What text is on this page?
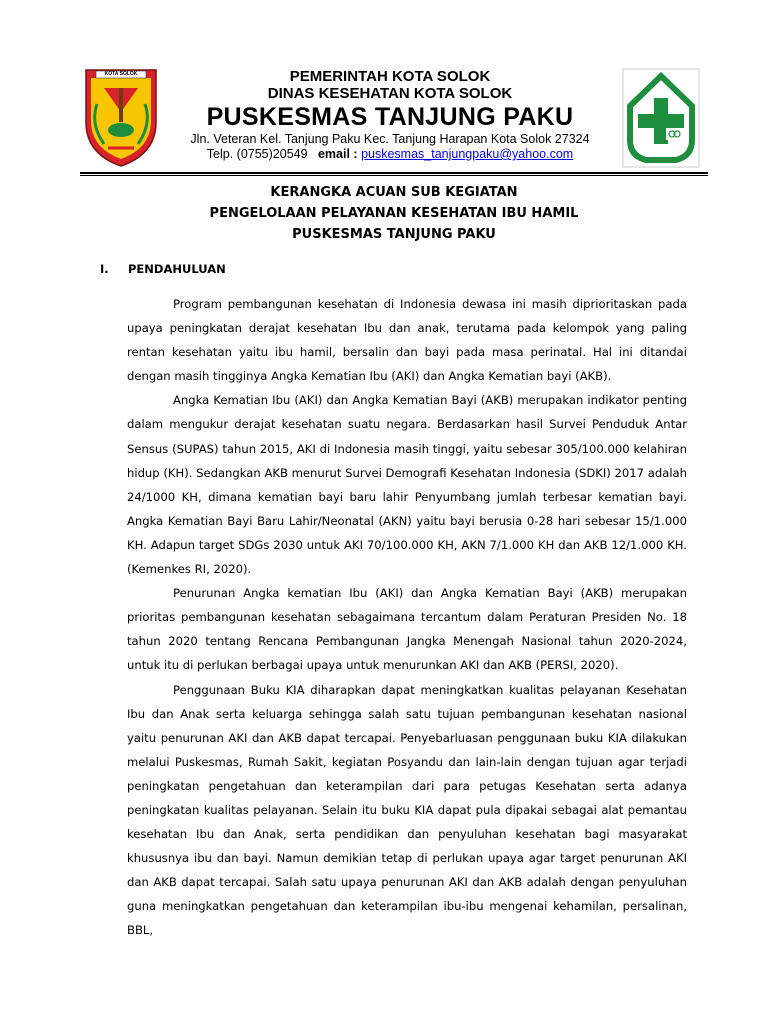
KOTA SOLOK	PEMERINTAH KOTA SOLOK
DINAS KESEHATAN KOTA SOLOK
PUSKESMAS TANJUNG PAKU
Jln. Veteran Kel. Tanjung Paku Kec. Tanjung Harapan Kota Solok 27324
Telp. (0755)20549 email : puskesmas_tanjungpaku@yahoo.com
KERANGKA ACUAN SUB KEGIATAN
PENGELOLAAN PELAYANAN KESEHATAN IBU HAMIL
PUSKESMAS TANJUNG PAKU
I. PENDAHULUAN

Program pembangunan kesehatan di Indonesia dewasa ini masih diprioritaskan pada upaya peningkatan derajat kesehatan Ibu dan anak, terutama pada kelompok yang paling rentan kesehatan yaitu ibu hamil, bersalin dan bayi pada masa perinatal. Hal ini ditandai dengan masih tingginya Angka Kematian Ibu (AKI) dan Angka Kematian bayi (AKB).

Angka Kematian Ibu (AKI) dan Angka Kematian Bayi (AKB) merupakan indikator penting dalam mengukur derajat kesehatan suatu negara. Berdasarkan hasil Survei Penduduk Antar Sensus (SUPAS) tahun 2015, AKI di Indonesia masih tinggi, yaitu sebesar 305/100.000 kelahiran hidup (KH). Sedangkan AKB menurut Survei Demografi Kesehatan Indonesia (SDKI) 2017 adalah 24/1000 KH, dimana kematian bayi baru lahir Penyumbang jumlah terbesar kematian bayi. Angka Kematian Bayi Baru Lahir/Neonatal (AKN) yaitu bayi berusia 0-28 hari sebesar 15/1.000 KH. Adapun target SDGs 2030 untuk AKI 70/100.000 KH, AKN 7/1.000 KH dan AKB 12/1.000 KH. (Kemenkes RI, 2020).

Penurunan Angka kematian Ibu (AKI) dan Angka Kematian Bayi (AKB) merupakan prioritas pembangunan kesehatan sebagaimana tercantum dalam Peraturan Presiden No. 18 tahun 2020 tentang Rencana Pembangunan Jangka Menengah Nasional tahun 2020-2024, untuk itu di perlukan berbagai upaya untuk menurunkan AKI dan AKB (PERSI, 2020).

Penggunaan Buku KIA diharapkan dapat meningkatkan kualitas pelayanan Kesehatan Ibu dan Anak serta keluarga sehingga salah satu tujuan pembangunan kesehatan nasional yaitu penurunan AKI dan AKB dapat tercapai. Penyebarluasan penggunaan buku KIA dilakukan melalui Puskesmas, Rumah Sakit, kegiatan Posyandu dan lain-lain dengan tujuan agar terjadi peningkatan pengetahuan dan keterampilan dari para petugas Kesehatan serta adanya peningkatan kualitas pelayanan. Selain itu buku KIA dapat pula dipakai sebagai alat pemantau kesehatan Ibu dan Anak, serta pendidikan dan penyuluhan kesehatan bagi masyarakat khususnya ibu dan bayi. Namun demikian tetap di perlukan upaya agar target penurunan AKI dan AKB dapat tercapai. Salah satu upaya penurunan AKI dan AKB adalah dengan penyuluhan guna meningkatkan pengetahuan dan keterampilan ibu-ibu mengenai kehamilan, persalinan, BBL,
